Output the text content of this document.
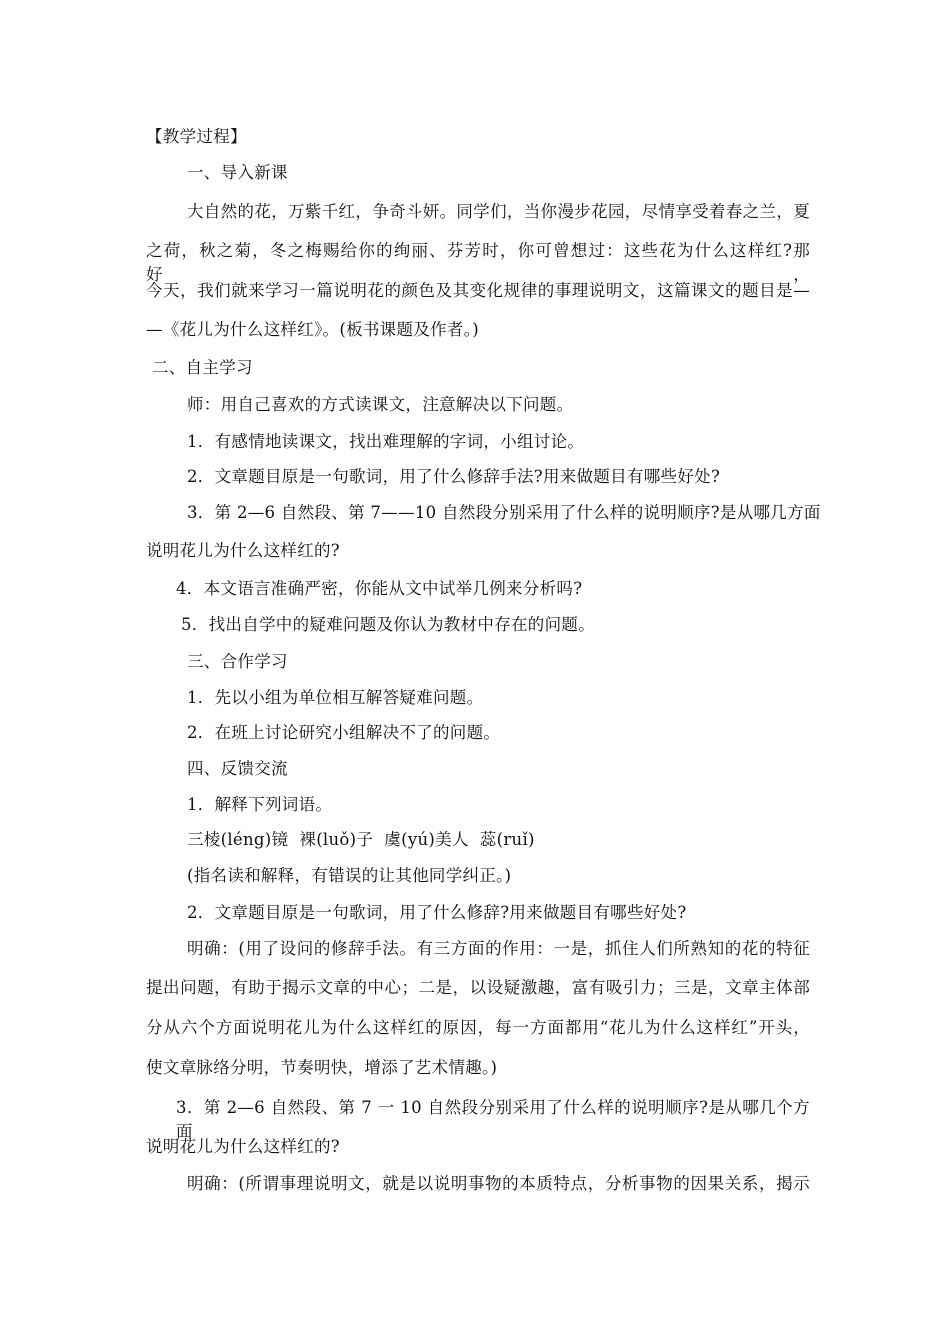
【教学过程】
一、导入新课
大自然的花，万紫千红，争奇斗妍。同学们，当你漫步花园，尽情享受着春之兰，夏
之荷，秋之菊，冬之梅赐给你的绚丽、芬芳时，你可曾想过：这些花为什么这样红?那好，
今天，我们就来学习一篇说明花的颜色及其变化规律的事理说明文，这篇课文的题目是—
—《花儿为什么这样红》。(板书课题及作者。)
二、自主学习
师：用自己喜欢的方式读课文，注意解决以下问题。
1．有感情地读课文，找出难理解的字词，小组讨论。
2．文章题目原是一句歌词，用了什么修辞手法?用来做题目有哪些好处?
3．第 2—6 自然段、第 7——10 自然段分别采用了什么样的说明顺序?是从哪几方面
说明花儿为什么这样红的?
4．本文语言准确严密，你能从文中试举几例来分析吗?
5．找出自学中的疑难问题及你认为教材中存在的问题。
三、合作学习
1．先以小组为单位相互解答疑难问题。
2．在班上讨论研究小组解决不了的问题。
四、反馈交流
1．解释下列词语。
三棱(léng)镜  裸(luǒ)子  虞(yú)美人  蕊(ruǐ)
(指名读和解释，有错误的让其他同学纠正。)
2．文章题目原是一句歌词，用了什么修辞?用来做题目有哪些好处?
明确：(用了设问的修辞手法。有三方面的作用：一是，抓住人们所熟知的花的特征
提出问题，有助于揭示文章的中心；二是，以设疑激趣，富有吸引力；三是，文章主体部
分从六个方面说明花儿为什么这样红的原因，每一方面都用“花儿为什么这样红”开头，
使文章脉络分明，节奏明快，增添了艺术情趣。)
3．第 2—6 自然段、第 7 一 10 自然段分别采用了什么样的说明顺序?是从哪几个方面
说明花儿为什么这样红的?
明确：(所谓事理说明文，就是以说明事物的本质特点，分析事物的因果关系，揭示
